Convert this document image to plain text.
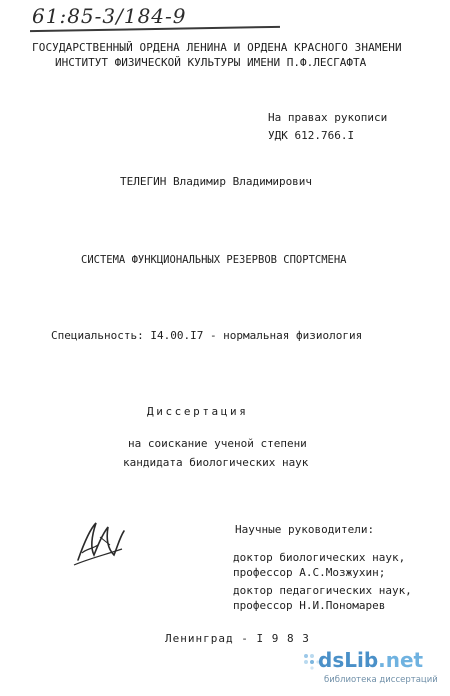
61:85-3/184-9
ГОСУДАРСТВЕННЫЙ ОРДЕНА ЛЕНИНА И ОРДЕНА КРАСНОГО ЗНАМЕНИ
ИНСТИТУТ ФИЗИЧЕСКОЙ КУЛЬТУРЫ ИМЕНИ П.Ф.ЛЕСГАФТА
На правах рукописи
УДК 612.766.I
ТЕЛЕГИН Владимир Владимирович
СИСТЕМА ФУНКЦИОНАЛЬНЫХ РЕЗЕРВОВ СПОРТСМЕНА
Специальность: I4.00.I7 - нормальная физиология
Диссертация
на соискание ученой степени
кандидата биологических наук
Научные руководители:
доктор биологических наук,
профессор А.С.Мозжухин;
доктор педагогических наук,
профессор Н.И.Пономарев
Ленинград - I 9 8 3
dsLib.net
библиотека диссертаций
